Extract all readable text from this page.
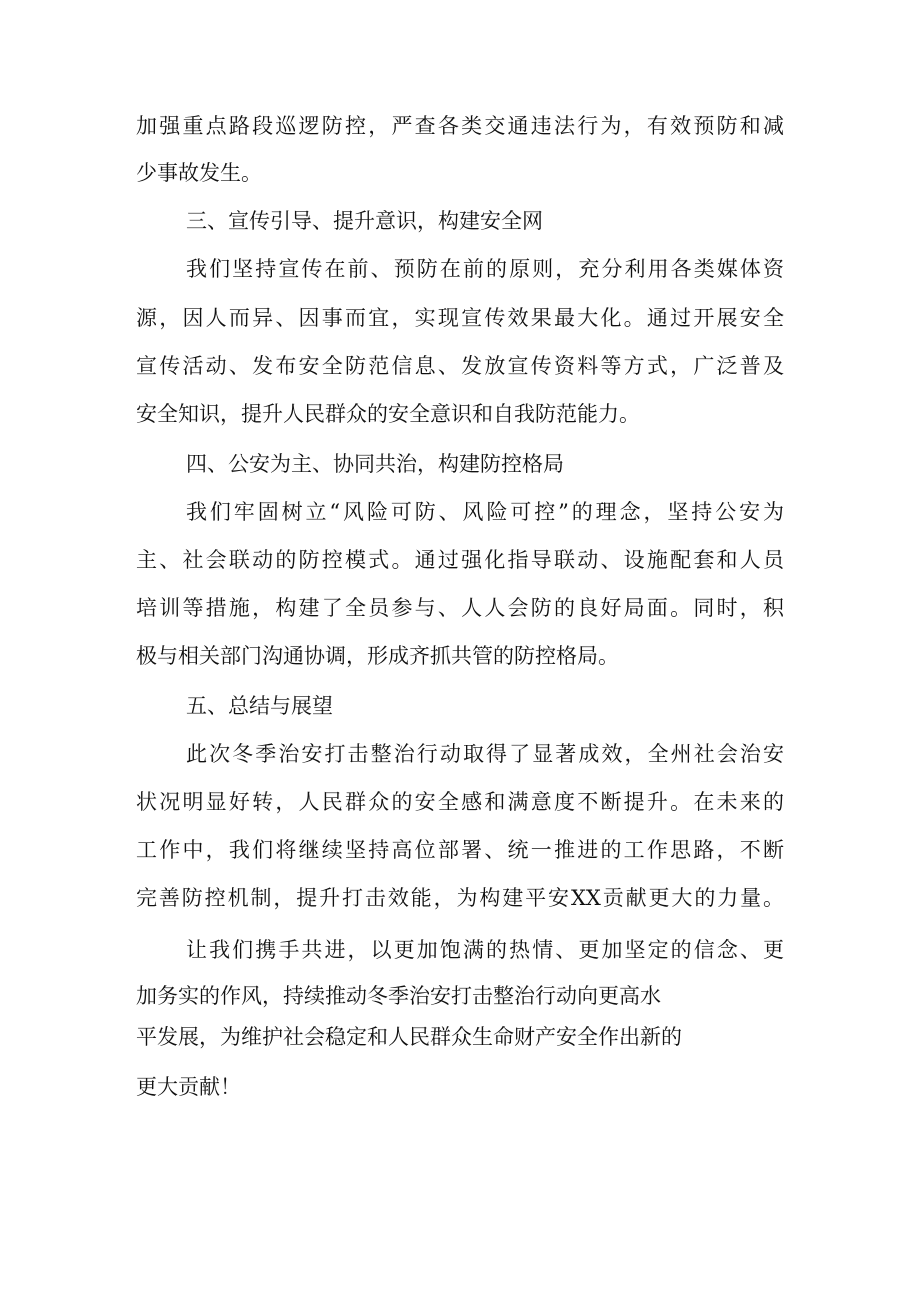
加强重点路段巡逻防控，严查各类交通违法行为，有效预防和减
少事故发生。
三、宣传引导、提升意识，构建安全网
我们坚持宣传在前、预防在前的原则，充分利用各类媒体资
源，因人而异、因事而宜，实现宣传效果最大化。通过开展安全
宣传活动、发布安全防范信息、发放宣传资料等方式，广泛普及
安全知识，提升人民群众的安全意识和自我防范能力。
四、公安为主、协同共治，构建防控格局
我们牢固树立“风险可防、风险可控”的理念，坚持公安为
主、社会联动的防控模式。通过强化指导联动、设施配套和人员
培训等措施，构建了全员参与、人人会防的良好局面。同时，积
极与相关部门沟通协调，形成齐抓共管的防控格局。
五、总结与展望
此次冬季治安打击整治行动取得了显著成效，全州社会治安
状况明显好转，人民群众的安全感和满意度不断提升。在未来的
工作中，我们将继续坚持高位部署、统一推进的工作思路，不断
完善防控机制，提升打击效能，为构建平安XX贡献更大的力量。
让我们携手共进，以更加饱满的热情、更加坚定的信念、更
加务实的作风，持续推动冬季治安打击整治行动向更高水
平发展，为维护社会稳定和人民群众生命财产安全作出新的
更大贡献！
